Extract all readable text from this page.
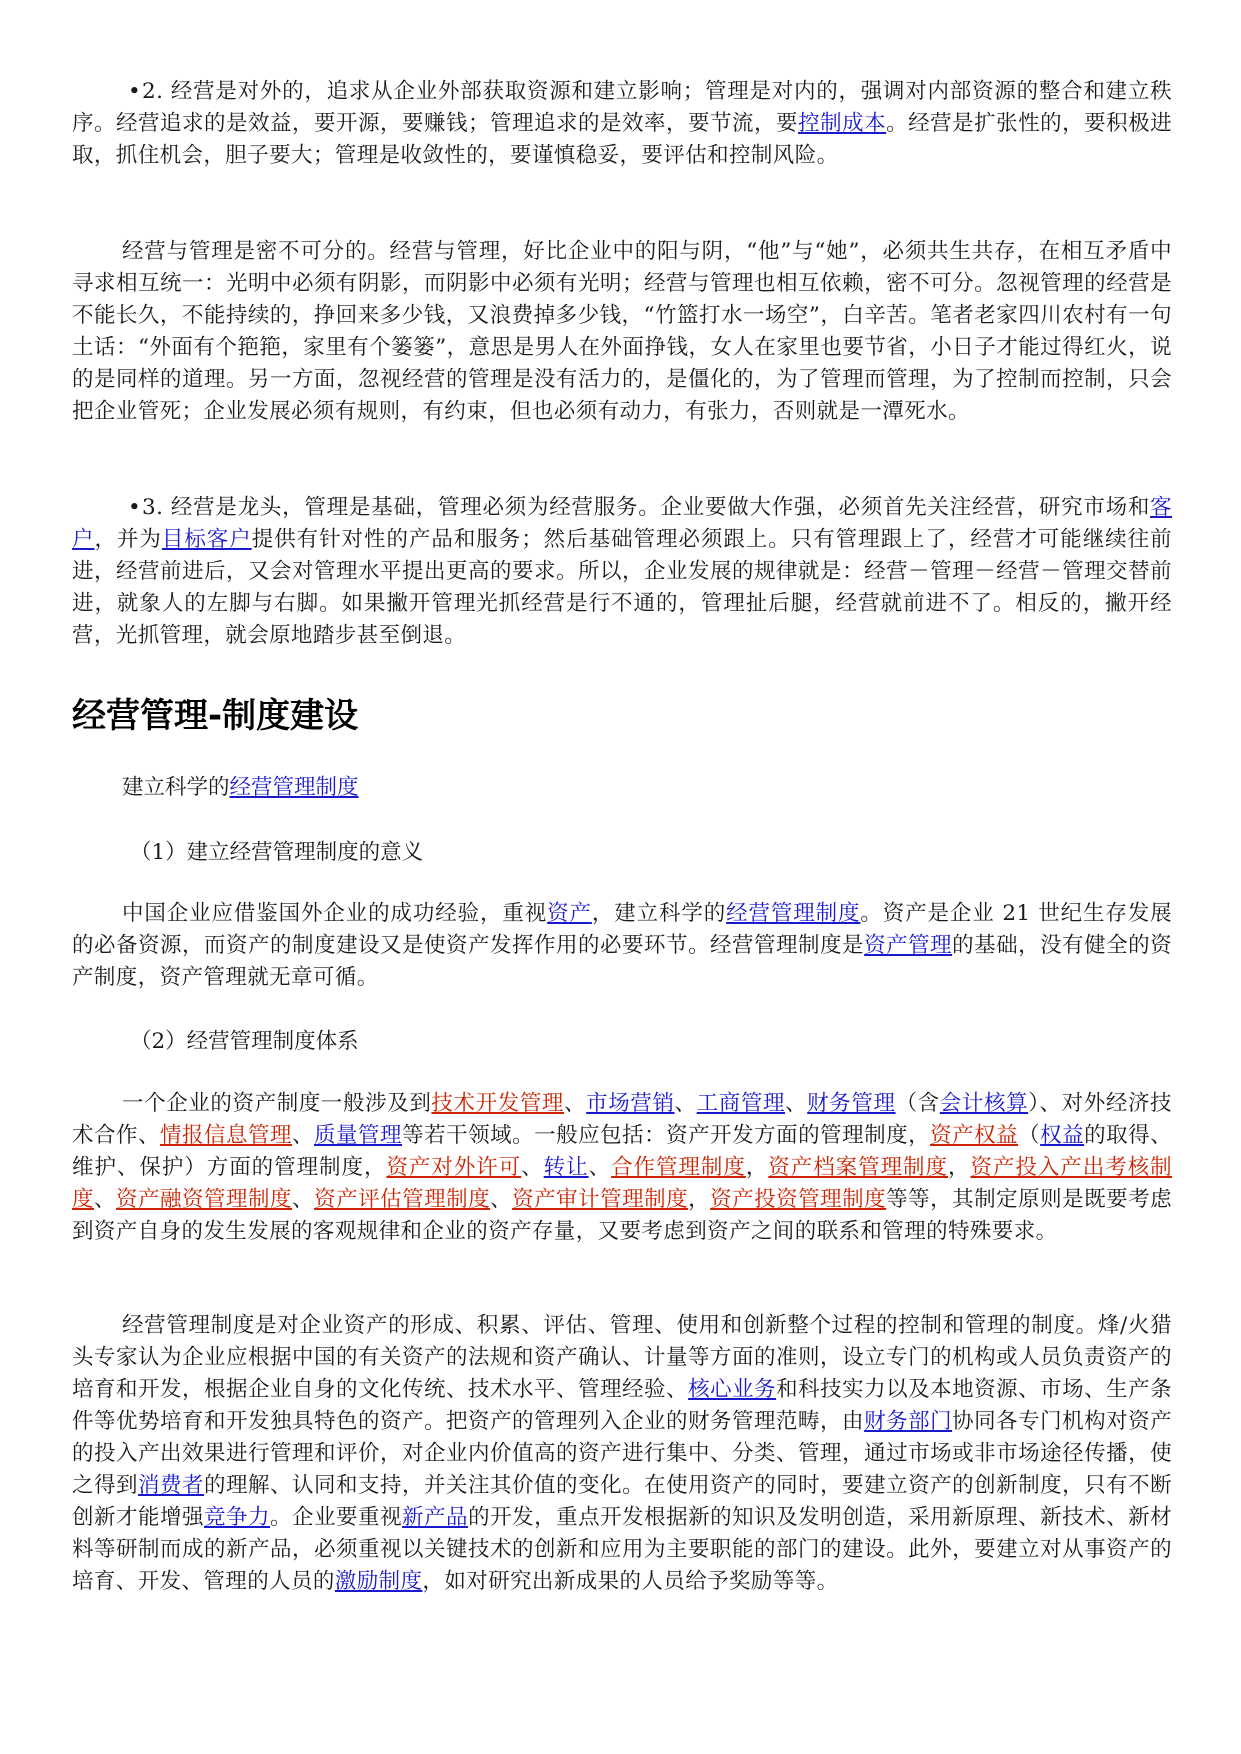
•2. 经营是对外的，追求从企业外部获取资源和建立影响；管理是对内的，强调对内部资源的整合和建立秩序。经营追求的是效益，要开源，要赚钱；管理追求的是效率，要节流，要控制成本。经营是扩张性的，要积极进取，抓住机会，胆子要大；管理是收敛性的，要谨慎稳妥，要评估和控制风险。

经营与管理是密不可分的。经营与管理，好比企业中的阳与阴，“他”与“她”，必须共生共存，在相互矛盾中寻求相互统一：光明中必须有阴影，而阴影中必须有光明；经营与管理也相互依赖，密不可分。忽视管理的经营是不能长久，不能持续的，挣回来多少钱，又浪费掉多少钱，“竹篮打水一场空”，白辛苦。笔者老家四川农村有一句土话：“外面有个筢筢，家里有个篓篓”，意思是男人在外面挣钱，女人在家里也要节省，小日子才能过得红火，说的是同样的道理。另一方面，忽视经营的管理是没有活力的，是僵化的，为了管理而管理，为了控制而控制，只会把企业管死；企业发展必须有规则，有约束，但也必须有动力，有张力，否则就是一潭死水。

•3. 经营是龙头，管理是基础，管理必须为经营服务。企业要做大作强，必须首先关注经营，研究市场和客户，并为目标客户提供有针对性的产品和服务；然后基础管理必须跟上。只有管理跟上了，经营才可能继续往前进，经营前进后，又会对管理水平提出更高的要求。所以，企业发展的规律就是：经营－管理－经营－管理交替前进，就象人的左脚与右脚。如果撇开管理光抓经营是行不通的，管理扯后腿，经营就前进不了。相反的，撇开经营，光抓管理，就会原地踏步甚至倒退。

经营管理-制度建设

建立科学的经营管理制度

（1）建立经营管理制度的意义

中国企业应借鉴国外企业的成功经验，重视资产，建立科学的经营管理制度。资产是企业 21 世纪生存发展的必备资源，而资产的制度建设又是使资产发挥作用的必要环节。经营管理制度是资产管理的基础，没有健全的资产制度，资产管理就无章可循。

（2）经营管理制度体系

一个企业的资产制度一般涉及到技术开发管理、市场营销、工商管理、财务管理（含会计核算）、对外经济技术合作、情报信息管理、质量管理等若干领域。一般应包括：资产开发方面的管理制度，资产权益（权益的取得、维护、保护）方面的管理制度，资产对外许可、转让、合作管理制度，资产档案管理制度，资产投入产出考核制度、资产融资管理制度、资产评估管理制度、资产审计管理制度，资产投资管理制度等等，其制定原则是既要考虑到资产自身的发生发展的客观规律和企业的资产存量，又要考虑到资产之间的联系和管理的特殊要求。

经营管理制度是对企业资产的形成、积累、评估、管理、使用和创新整个过程的控制和管理的制度。烽/火猎头专家认为企业应根据中国的有关资产的法规和资产确认、计量等方面的准则，设立专门的机构或人员负责资产的培育和开发，根据企业自身的文化传统、技术水平、管理经验、核心业务和科技实力以及本地资源、市场、生产条件等优势培育和开发独具特色的资产。把资产的管理列入企业的财务管理范畴，由财务部门协同各专门机构对资产的投入产出效果进行管理和评价，对企业内价值高的资产进行集中、分类、管理，通过市场或非市场途径传播，使之得到消费者的理解、认同和支持，并关注其价值的变化。在使用资产的同时，要建立资产的创新制度，只有不断创新才能增强竞争力。企业要重视新产品的开发，重点开发根据新的知识及发明创造，采用新原理、新技术、新材料等研制而成的新产品，必须重视以关键技术的创新和应用为主要职能的部门的建设。此外，要建立对从事资产的培育、开发、管理的人员的激励制度，如对研究出新成果的人员给予奖励等等。
